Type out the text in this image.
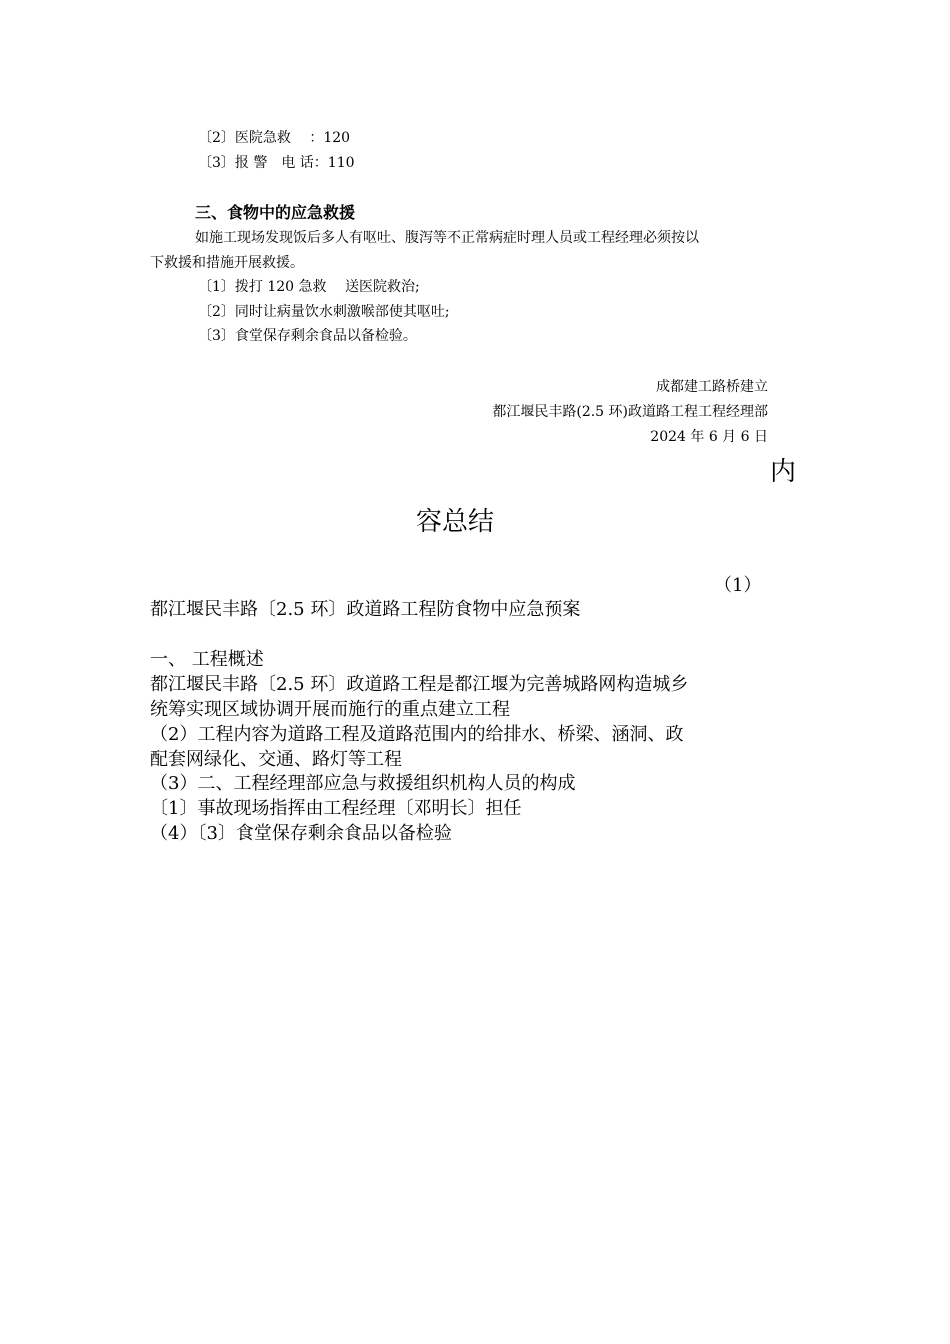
〔2〕医院急救　 ：120
〔3〕报 警　电 话：110
三、食物中的应急救援
如施工现场发现饭后多人有呕吐、腹泻等不正常病症时理人员或工程经理必须按以
下救援和措施开展救援。
〔1〕拨打 120 急救　 送医院救治;
〔2〕同时让病量饮水刺激喉部使其呕吐;
〔3〕食堂保存剩余食品以备检验。
成都建工路桥建立
都江堰民丰路(2.5 环)政道路工程工程经理部
2024 年 6 月 6 日
内
容总结
（1）
都江堰民丰路〔2.5 环〕政道路工程防食物中应急预案
一、 工程概述
都江堰民丰路〔2.5 环〕政道路工程是都江堰为完善城路网构造城乡
统筹实现区域协调开展而施行的重点建立工程
（2）工程内容为道路工程及道路范围内的给排水、桥梁、涵洞、政
配套网绿化、交通、路灯等工程
（3）二、工程经理部应急与救援组织机构人员的构成
〔1〕事故现场指挥由工程经理〔邓明长〕担任
（4）〔3〕食堂保存剩余食品以备检验
